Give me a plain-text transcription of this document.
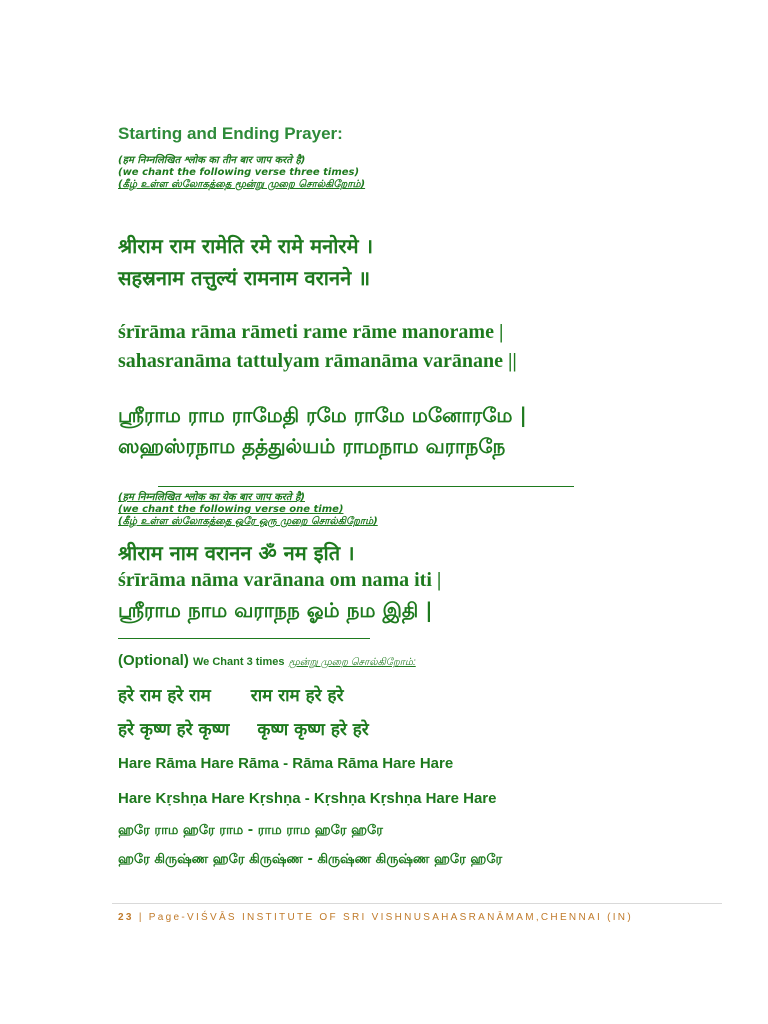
Starting and Ending Prayer:
(हम निम्नलिखित श्लोक का तीन बार जाप करते है)
(we chant the following verse three times)
(கீழ் உள்ள ஸ்லோகத்தை மூன்று முறை சொல்கிறோம்)
श्रीराम राम रामेति रमे रामे मनोरमे ।
सहस्रनाम तत्तुल्यं रामनाम वरानने ॥
śrīrāma rāma rāmeti rame rāme manorame |
sahasranāma tattulyam rāmanāma varānane ||
ஶ்ரீராம ராம ராமேதி ரமே ராமே மனோரமே |
ஸஹஸ்ரநாம தத்துல்யம் ராமநாம வராநநே
(हम निम्नलिखित श्लोक का येक बार जाप करते है)
(we chant the following verse one time)
(கீழ் உள்ள ஸ்லோகத்தை ஒரே ஒரு முறை சொல்கிறோம்)
श्रीराम नाम वरानन ॐ नम इति ।
śrīrāma nāma varānana om nama iti |
ஶ்ரீராம நாம வராநந ஓம் நம இதி |
(Optional) We Chant 3 times மூன்று முறை சொல்கிறோம்:
हरे राम हरे राम राम राम हरे हरे
हरे कृष्ण हरे कृष्ण कृष्ण कृष्ण हरे हरे
Hare Rāma Hare Rāma - Rāma Rāma Hare Hare
Hare Kṛshṇa Hare Kṛshṇa - Kṛshṇa Kṛshṇa Hare Hare
ஹரே ராம ஹரே ராம - ராம ராம ஹரே ஹரே
ஹரே கிருஷ்ண ஹரே கிருஷ்ண - கிருஷ்ண கிருஷ்ண ஹரே ஹரே
23 | Page-VIŚVĀS INSTITUTE OF SRI VISHNUSAHASRANĀMAM,CHENNAI (IN)
